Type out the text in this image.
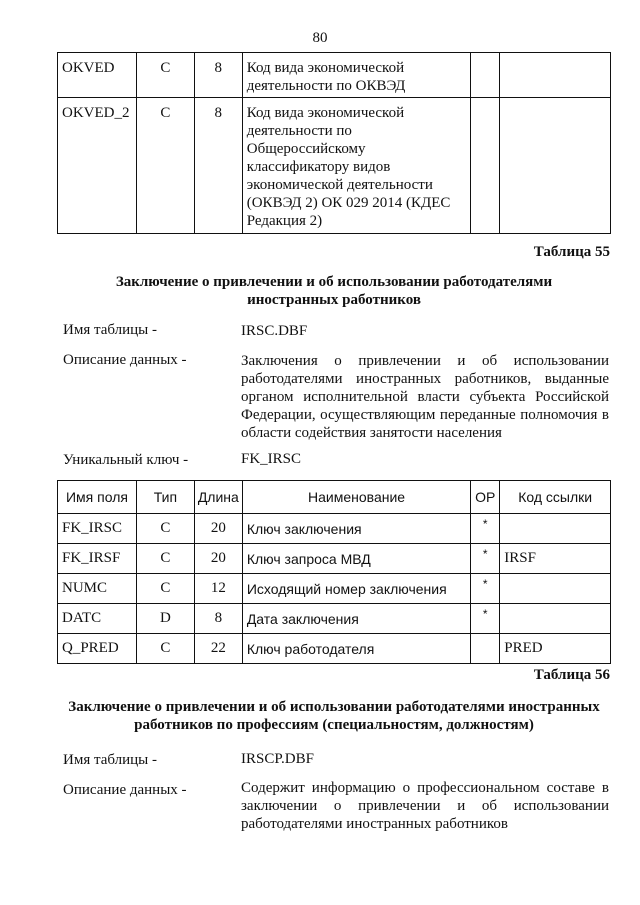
80
OKVED	C	8	Код вида экономической деятельности по ОКВЭД		
OKVED_2	C	8	Код вида экономической деятельности по Общероссийскому классификатору видов экономической деятельности (ОКВЭД 2) ОК 029 2014 (КДЕС Редакция 2)		
Таблица 55
Заключение о привлечении и об использовании работодателями
иностранных работников
Имя таблицы -	IRSC.DBF
Описание данных -	Заключения о привлечении и об использовании работодателями иностранных работников, выданные органом исполнительной власти субъекта Российской Федерации, осуществляющим переданные полномочия в области содействия занятости населения
Уникальный ключ -	FK_IRSC
Имя поля	Тип	Длина	Наименование	ОР	Код ссылки
FK_IRSC	C	20	Ключ заключения	*	
FK_IRSF	C	20	Ключ запроса МВД	*	IRSF
NUMC	C	12	Исходящий номер заключения	*	
DATC	D	8	Дата заключения	*	
Q_PRED	C	22	Ключ работодателя		PRED
Таблица 56
Заключение о привлечении и об использовании работодателями иностранных
работников по профессиям (специальностям, должностям)
Имя таблицы -	IRSCP.DBF
Описание данных -	Содержит информацию о профессиональном составе в заключении о привлечении и об использовании работодателями иностранных работников
